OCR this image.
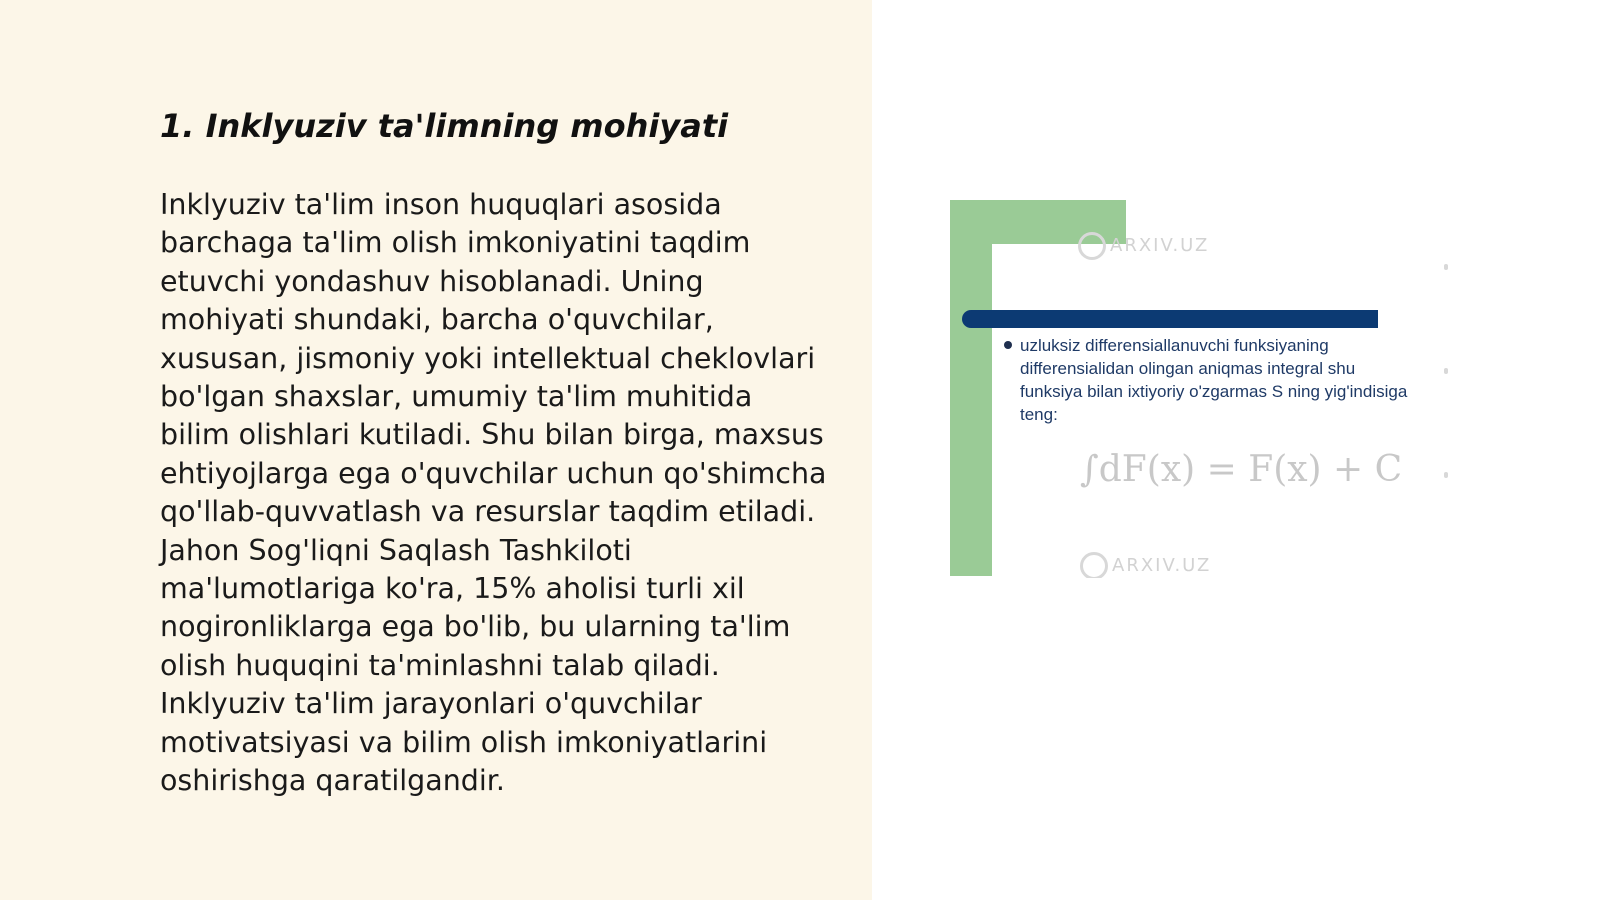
1. Inklyuziv ta'limning mohiyati

Inklyuziv ta'lim inson huquqlari asosida barchaga ta'lim olish imkoniyatini taqdim etuvchi yondashuv hisoblanadi. Uning mohiyati shundaki, barcha o'quvchilar, xususan, jismoniy yoki intellektual cheklovlari bo'lgan shaxslar, umumiy ta'lim muhitida bilim olishlari kutiladi. Shu bilan birga, maxsus ehtiyojlarga ega o'quvchilar uchun qo'shimcha qo'llab-quvvatlash va resurslar taqdim etiladi. Jahon Sog'liqni Saqlash Tashkiloti ma'lumotlariga ko'ra, 15% aholisi turli xil nogironliklarga ega bo'lib, bu ularning ta'lim olish huquqini ta'minlashni talab qiladi. Inklyuziv ta'lim jarayonlari o'quvchilar motivatsiyasi va bilim olish imkoniyatlarini oshirishga qaratilgandir.

ARXIV.UZ

uzluksiz differensiallanuvchi funksiyaning differensialidan olingan aniqmas integral shu funksiya bilan ixtiyoriy o'zgarmas S ning yig'indisiga teng:

∫dF(x) = F(x) + C
ARXIV.UZ
